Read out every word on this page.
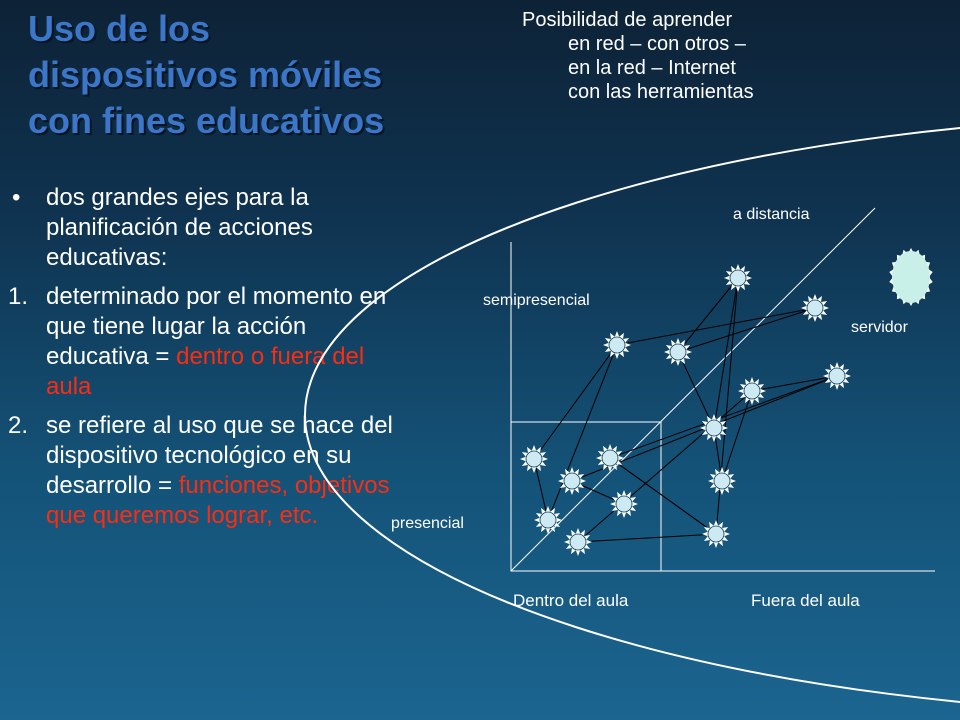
Uso de los
dispositivos móviles
con fines educativos
Posibilidad de aprender
en red – con otros –
en la red – Internet
con las herramientas
• dos grandes ejes para la planificación de acciones educativas:
1. determinado por el momento en que tiene lugar la acción educativa = dentro o fuera del aula
2. se refiere al uso que se hace del dispositivo tecnológico en su desarrollo = funciones, objetivos que queremos lograr, etc.
a distancia
semipresencial
presencial
servidor
Dentro del aula	Fuera del aula
